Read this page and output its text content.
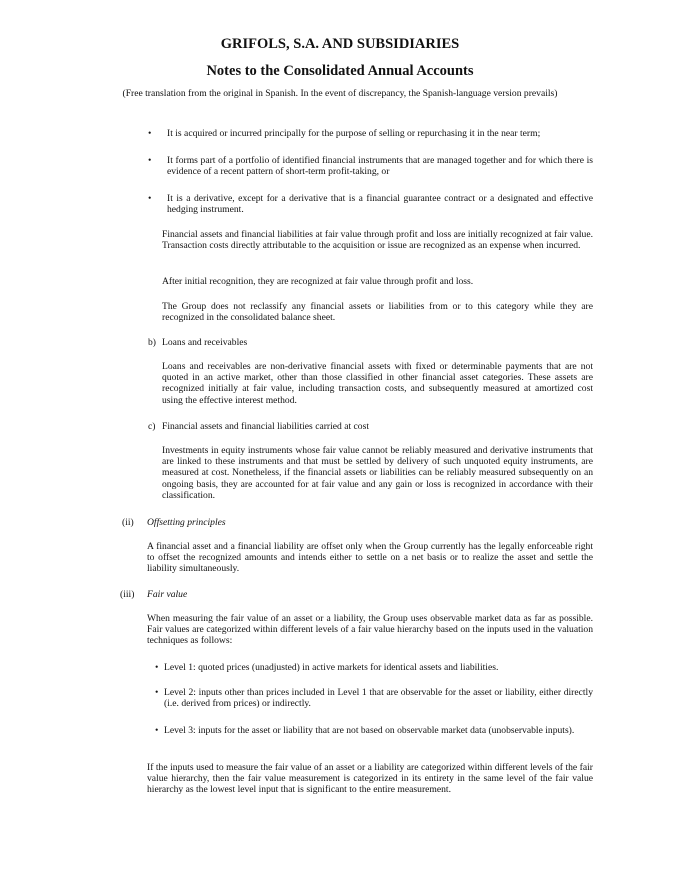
GRIFOLS, S.A. AND SUBSIDIARIES
Notes to the Consolidated Annual Accounts
(Free translation from the original in Spanish. In the event of discrepancy, the Spanish-language version prevails)
• It is acquired or incurred principally for the purpose of selling or repurchasing it in the near term;

• It forms part of a portfolio of identified financial instruments that are managed together and for which there is evidence of a recent pattern of short-term profit-taking, or

• It is a derivative, except for a derivative that is a financial guarantee contract or a designated and effective hedging instrument.

Financial assets and financial liabilities at fair value through profit and loss are initially recognized at fair value. Transaction costs directly attributable to the acquisition or issue are recognized as an expense when incurred.

After initial recognition, they are recognized at fair value through profit and loss.

The Group does not reclassify any financial assets or liabilities from or to this category while they are recognized in the consolidated balance sheet.

b) Loans and receivables

Loans and receivables are non-derivative financial assets with fixed or determinable payments that are not quoted in an active market, other than those classified in other financial asset categories. These assets are recognized initially at fair value, including transaction costs, and subsequently measured at amortized cost using the effective interest method.

c) Financial assets and financial liabilities carried at cost

Investments in equity instruments whose fair value cannot be reliably measured and derivative instruments that are linked to these instruments and that must be settled by delivery of such unquoted equity instruments, are measured at cost. Nonetheless, if the financial assets or liabilities can be reliably measured subsequently on an ongoing basis, they are accounted for at fair value and any gain or loss is recognized in accordance with their classification.

(ii) Offsetting principles

A financial asset and a financial liability are offset only when the Group currently has the legally enforceable right to offset the recognized amounts and intends either to settle on a net basis or to realize the asset and settle the liability simultaneously.

(iii) Fair value

When measuring the fair value of an asset or a liability, the Group uses observable market data as far as possible. Fair values are categorized within different levels of a fair value hierarchy based on the inputs used in the valuation techniques as follows:

• Level 1: quoted prices (unadjusted) in active markets for identical assets and liabilities.

• Level 2: inputs other than prices included in Level 1 that are observable for the asset or liability, either directly (i.e. derived from prices) or indirectly.

• Level 3: inputs for the asset or liability that are not based on observable market data (unobservable inputs).

If the inputs used to measure the fair value of an asset or a liability are categorized within different levels of the fair value hierarchy, then the fair value measurement is categorized in its entirety in the same level of the fair value hierarchy as the lowest level input that is significant to the entire measurement.
